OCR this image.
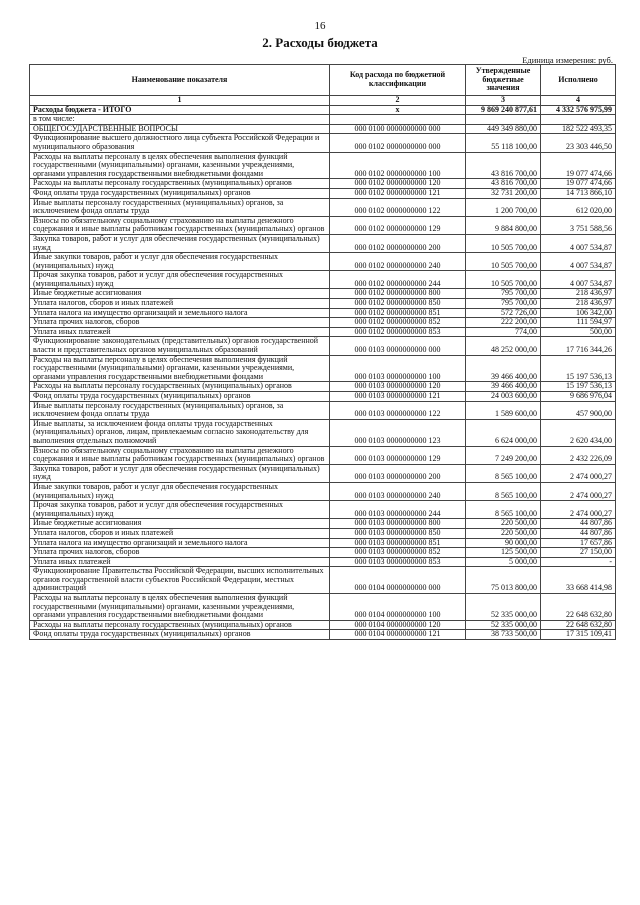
16
2. Расходы бюджета
Единица измерения: руб.
Наименование показателя	Код расхода по бюджетной классификации	Утвержденные бюджетные значения	Исполнено
1	2	3	4
Расходы бюджета - ИТОГО	x	9 869 240 877,61	4 332 576 975,99
в том числе:			
ОБЩЕГОСУДАРСТВЕННЫЕ ВОПРОСЫ	000 0100 0000000000 000	449 349 880,00	182 522 493,35
Функционирование высшего должностного лица субъекта Российской Федерации и муниципального образования	000 0102 0000000000 000	55 118 100,00	23 303 446,50
Расходы на выплаты персоналу в целях обеспечения выполнения функций государственными (муниципальными) органами, казенными учреждениями, органами управления государственными внебюджетными фондами	000 0102 0000000000 100	43 816 700,00	19 077 474,66
Расходы на выплаты персоналу государственных (муниципальных) органов	000 0102 0000000000 120	43 816 700,00	19 077 474,66
Фонд оплаты труда государственных (муниципальных) органов	000 0102 0000000000 121	32 731 200,00	14 713 866,10
Иные выплаты персоналу государственных (муниципальных) органов, за исключением фонда оплаты труда	000 0102 0000000000 122	1 200 700,00	612 020,00
Взносы по обязательному социальному страхованию на выплаты денежного содержания и иные выплаты работникам государственных (муниципальных) органов	000 0102 0000000000 129	9 884 800,00	3 751 588,56
Закупка товаров, работ и услуг для обеспечения государственных (муниципальных) нужд	000 0102 0000000000 200	10 505 700,00	4 007 534,87
Иные закупки товаров, работ и услуг для обеспечения государственных (муниципальных) нужд	000 0102 0000000000 240	10 505 700,00	4 007 534,87
Прочая закупка товаров, работ и услуг для обеспечения государственных (муниципальных) нужд	000 0102 0000000000 244	10 505 700,00	4 007 534,87
Иные бюджетные ассигнования	000 0102 0000000000 800	795 700,00	218 436,97
Уплата налогов, сборов и иных платежей	000 0102 0000000000 850	795 700,00	218 436,97
Уплата налога на имущество организаций и земельного налога	000 0102 0000000000 851	572 726,00	106 342,00
Уплата прочих налогов, сборов	000 0102 0000000000 852	222 200,00	111 594,97
Уплата иных платежей	000 0102 0000000000 853	774,00	500,00
Функционирование законодательных (представительных) органов государственной власти и представительных органов муниципальных образований	000 0103 0000000000 000	48 252 000,00	17 716 344,26
Расходы на выплаты персоналу в целях обеспечения выполнения функций государственными (муниципальными) органами, казенными учреждениями, органами управления государственными внебюджетными фондами	000 0103 0000000000 100	39 466 400,00	15 197 536,13
Расходы на выплаты персоналу государственных (муниципальных) органов	000 0103 0000000000 120	39 466 400,00	15 197 536,13
Фонд оплаты труда государственных (муниципальных) органов	000 0103 0000000000 121	24 003 600,00	9 686 976,04
Иные выплаты персоналу государственных (муниципальных) органов, за исключением фонда оплаты труда	000 0103 0000000000 122	1 589 600,00	457 900,00
Иные выплаты, за исключением фонда оплаты труда государственных (муниципальных) органов, лицам, привлекаемым согласно законодательству для выполнения отдельных полномочий	000 0103 0000000000 123	6 624 000,00	2 620 434,00
Взносы по обязательному социальному страхованию на выплаты денежного содержания и иные выплаты работникам государственных (муниципальных) органов	000 0103 0000000000 129	7 249 200,00	2 432 226,09
Закупка товаров, работ и услуг для обеспечения государственных (муниципальных) нужд	000 0103 0000000000 200	8 565 100,00	2 474 000,27
Иные закупки товаров, работ и услуг для обеспечения государственных (муниципальных) нужд	000 0103 0000000000 240	8 565 100,00	2 474 000,27
Прочая закупка товаров, работ и услуг для обеспечения государственных (муниципальных) нужд	000 0103 0000000000 244	8 565 100,00	2 474 000,27
Иные бюджетные ассигнования	000 0103 0000000000 800	220 500,00	44 807,86
Уплата налогов, сборов и иных платежей	000 0103 0000000000 850	220 500,00	44 807,86
Уплата налога на имущество организаций и земельного налога	000 0103 0000000000 851	90 000,00	17 657,86
Уплата прочих налогов, сборов	000 0103 0000000000 852	125 500,00	27 150,00
Уплата иных платежей	000 0103 0000000000 853	5 000,00	-
Функционирование Правительства Российской Федерации, высших исполнительных органов государственной власти субъектов Российской Федерации, местных администраций	000 0104 0000000000 000	75 013 800,00	33 668 414,98
Расходы на выплаты персоналу в целях обеспечения выполнения функций государственными (муниципальными) органами, казенными учреждениями, органами управления государственными внебюджетными фондами	000 0104 0000000000 100	52 335 000,00	22 648 632,80
Расходы на выплаты персоналу государственных (муниципальных) органов	000 0104 0000000000 120	52 335 000,00	22 648 632,80
Фонд оплаты труда государственных (муниципальных) органов	000 0104 0000000000 121	38 733 500,00	17 315 109,41
